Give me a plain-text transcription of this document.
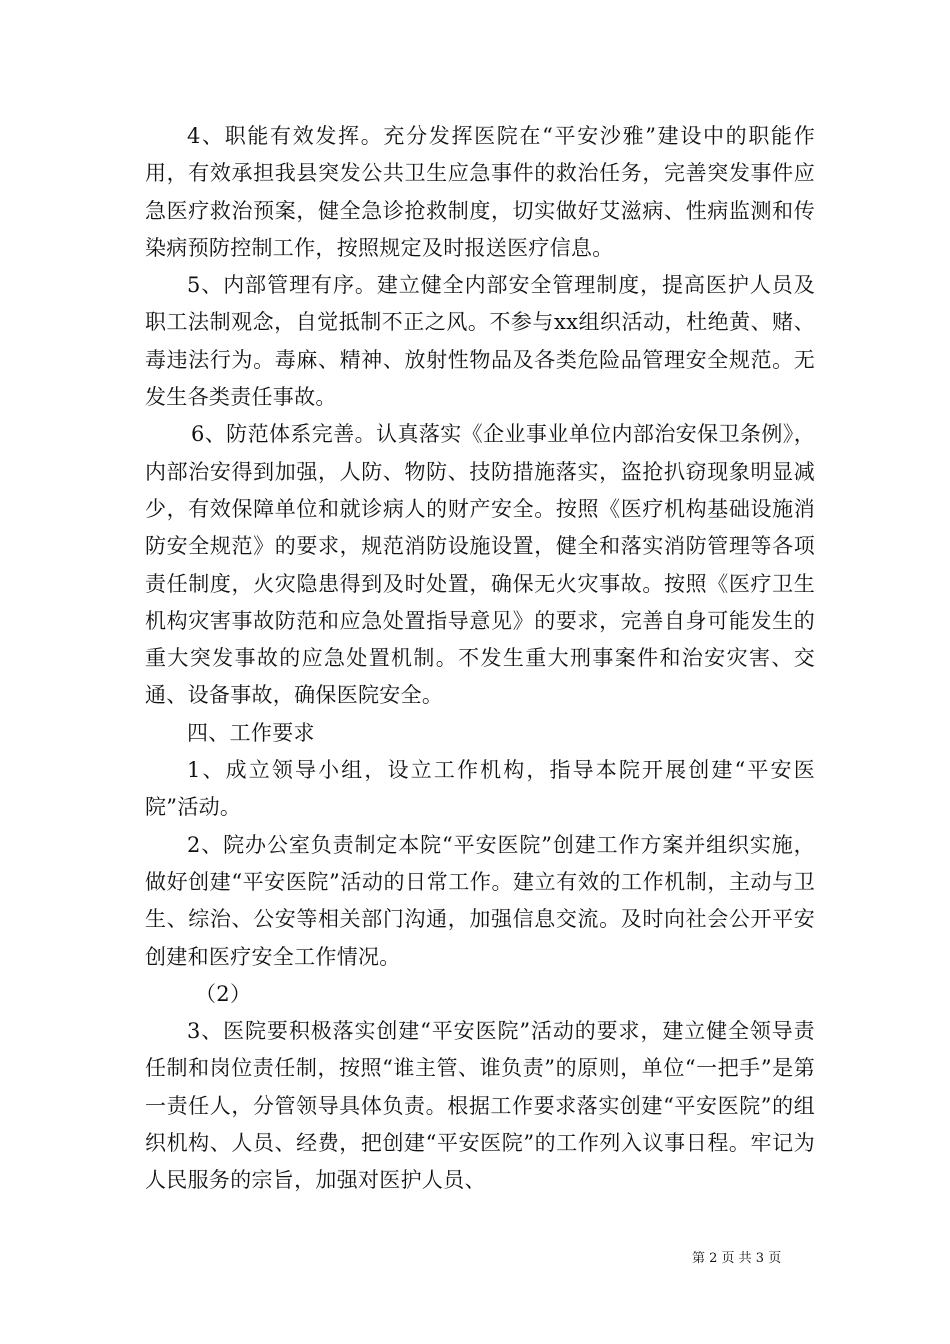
4、职能有效发挥。充分发挥医院在“平安沙雅”建设中的职能作用，有效承担我县突发公共卫生应急事件的救治任务，完善突发事件应急医疗救治预案，健全急诊抢救制度，切实做好艾滋病、性病监测和传染病预防控制工作，按照规定及时报送医疗信息。

5、内部管理有序。建立健全内部安全管理制度，提高医护人员及职工法制观念，自觉抵制不正之风。不参与xx组织活动，杜绝黄、赌、毒违法行为。毒麻、精神、放射性物品及各类危险品管理安全规范。无发生各类责任事故。

6、防范体系完善。认真落实《企业事业单位内部治安保卫条例》，内部治安得到加强，人防、物防、技防措施落实，盗抢扒窃现象明显减少，有效保障单位和就诊病人的财产安全。按照《医疗机构基础设施消防安全规范》的要求，规范消防设施设置，健全和落实消防管理等各项责任制度，火灾隐患得到及时处置，确保无火灾事故。按照《医疗卫生机构灾害事故防范和应急处置指导意见》的要求，完善自身可能发生的重大突发事故的应急处置机制。不发生重大刑事案件和治安灾害、交通、设备事故，确保医院安全。

四、工作要求

1、成立领导小组，设立工作机构，指导本院开展创建“平安医院”活动。

2、院办公室负责制定本院“平安医院”创建工作方案并组织实施，做好创建“平安医院”活动的日常工作。建立有效的工作机制，主动与卫生、综治、公安等相关部门沟通，加强信息交流。及时向社会公开平安创建和医疗安全工作情况。

（2）

3、医院要积极落实创建“平安医院”活动的要求，建立健全领导责任制和岗位责任制，按照“谁主管、谁负责”的原则，单位“一把手”是第一责任人，分管领导具体负责。根据工作要求落实创建“平安医院”的组织机构、人员、经费，把创建“平安医院”的工作列入议事日程。牢记为人民服务的宗旨，加强对医护人员、

第 2 页 共 3 页
